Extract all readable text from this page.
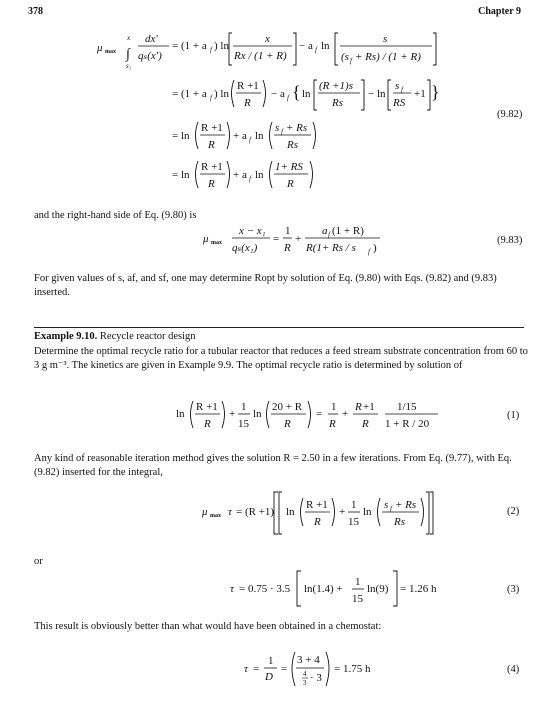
378	Chapter 9
μ max
x
∫
s₁
dx'
qₛ(x')
= (1 + a f ) ln
x
Rx / (1 + R)
− a f ln
s
(s f + Rs) / (1 + R)
= (1 + a f ) ln
R +1
R
− a f { ln
(R +1)s
Rs
− ln
s f
RS
+1 }
= ln
R +1
R
+ a f ln
s f + Rs
Rs
= ln
R +1
R
+ a f ln
1+ RS
R
(9.82)
and the right-hand side of Eq. (9.80) is
μ max
x − x₁
qₛ(x₁)
=
1
R
+
a f (1 + R)
R(1+ Rs / s f )
(9.83)
For given values of s, af, and sf, one may determine Ropt by solution of Eq. (9.80) with Eqs. (9.82) and (9.83) inserted.
Example 9.10. Recycle reactor design
Determine the optimal recycle ratio for a tubular reactor that reduces a feed stream substrate concentration from 60 to 3 g m⁻³. The kinetics are given in Example 9.9. The optimal recycle ratio is determined by solution of
ln
R +1
R
+
1
15
ln
20 + R
R
=
1
R
+
R +1
R
1/15
1 + R / 20
(1)
Any kind of reasonable iteration method gives the solution R = 2.50 in a few iterations. From Eq. (9.77), with Eq. (9.82) inserted for the integral,
μ max τ = (R +1) ln
R +1
R
+
1
15
ln
s f + Rs
Rs
(2)
or
τ = 0.75 · 3.5 ln(1.4) +
1
15
ln(9) = 1.26 h	(3)
This result is obviously better than what would have been obtained in a chemostat:
τ =
1
D
=
3 + 4
4
3 · 3
= 1.75 h	(4)
